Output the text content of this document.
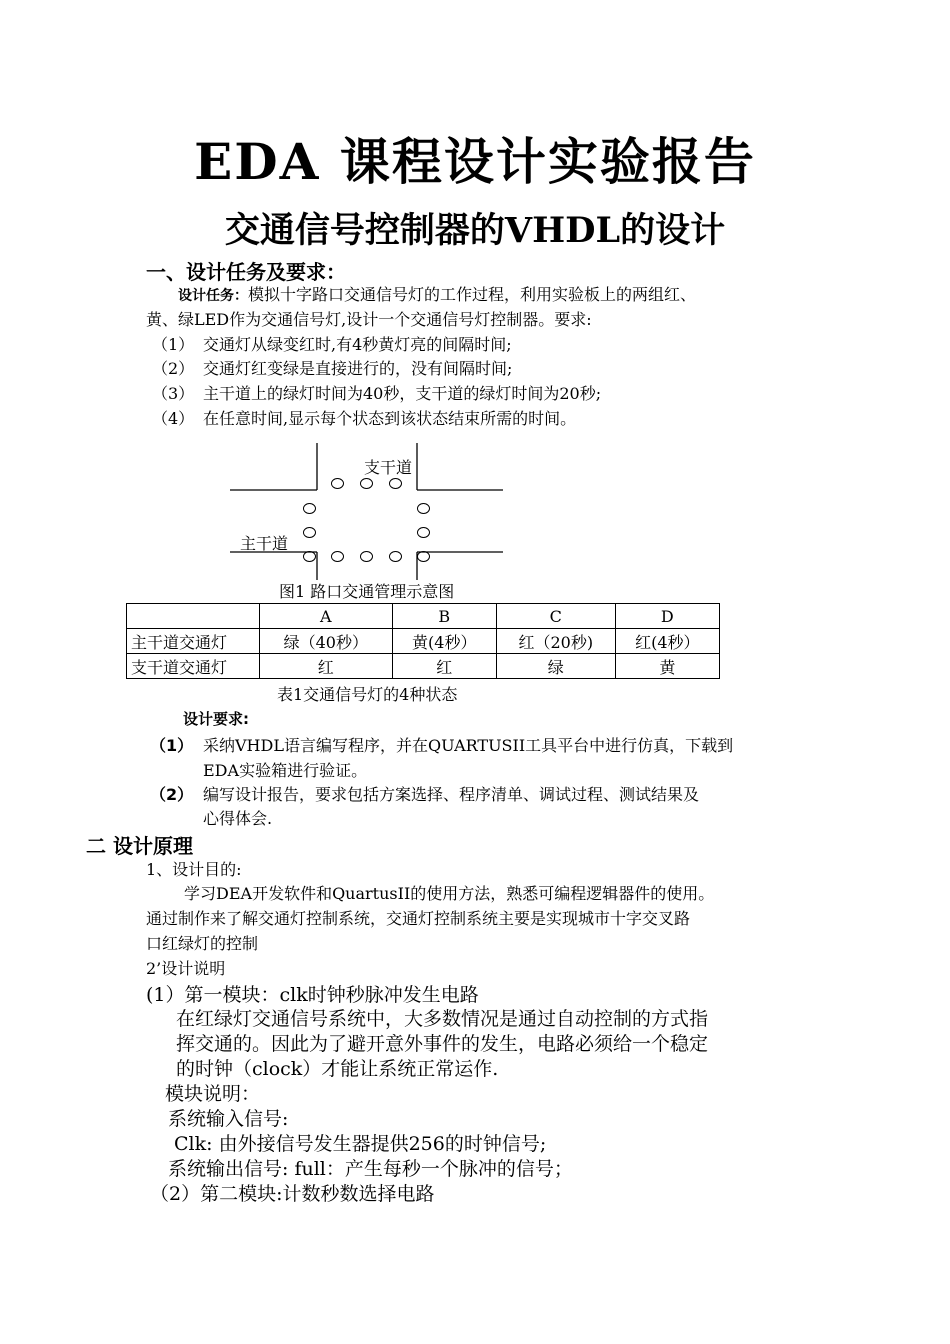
EDA 课程设计实验报告
交通信号控制器的VHDL的设计
一、设计任务及要求：
设计任务：模拟十字路口交通信号灯的工作过程，利用实验板上的两组红、
黄、绿LED作为交通信号灯,设计一个交通信号灯控制器。要求:
（1） 交通灯从绿变红时,有4秒黄灯亮的间隔时间;
（2） 交通灯红变绿是直接进行的，没有间隔时间;
（3） 主干道上的绿灯时间为40秒，支干道的绿灯时间为20秒;
（4） 在任意时间,显示每个状态到该状态结束所需的时间。
支干道
主干道
图1 路口交通管理示意图
	A	B	C	D
主干道交通灯	绿（40秒）	黄(4秒）	红（20秒)	红(4秒）
支干道交通灯	红	红	绿	黄
表1交通信号灯的4种状态
设计要求:
（1） 采纳VHDL语言编写程序，并在QUARTUSII工具平台中进行仿真，下载到
EDA实验箱进行验证。
（2） 编写设计报告，要求包括方案选择、程序清单、调试过程、测试结果及
心得体会.
二 设计原理
1、设计目的:
学习DEA开发软件和QuartusII的使用方法，熟悉可编程逻辑器件的使用。
通过制作来了解交通灯控制系统，交通灯控制系统主要是实现城市十字交叉路
口红绿灯的控制
2’设计说明
(1）第一模块：clk时钟秒脉冲发生电路
在红绿灯交通信号系统中，大多数情况是通过自动控制的方式指
挥交通的。因此为了避开意外事件的发生，电路必须给一个稳定
的时钟（clock）才能让系统正常运作.
模块说明：
系统输入信号:
Clk: 由外接信号发生器提供256的时钟信号;
系统输出信号: full：产生每秒一个脉冲的信号；
（2）第二模块:计数秒数选择电路
